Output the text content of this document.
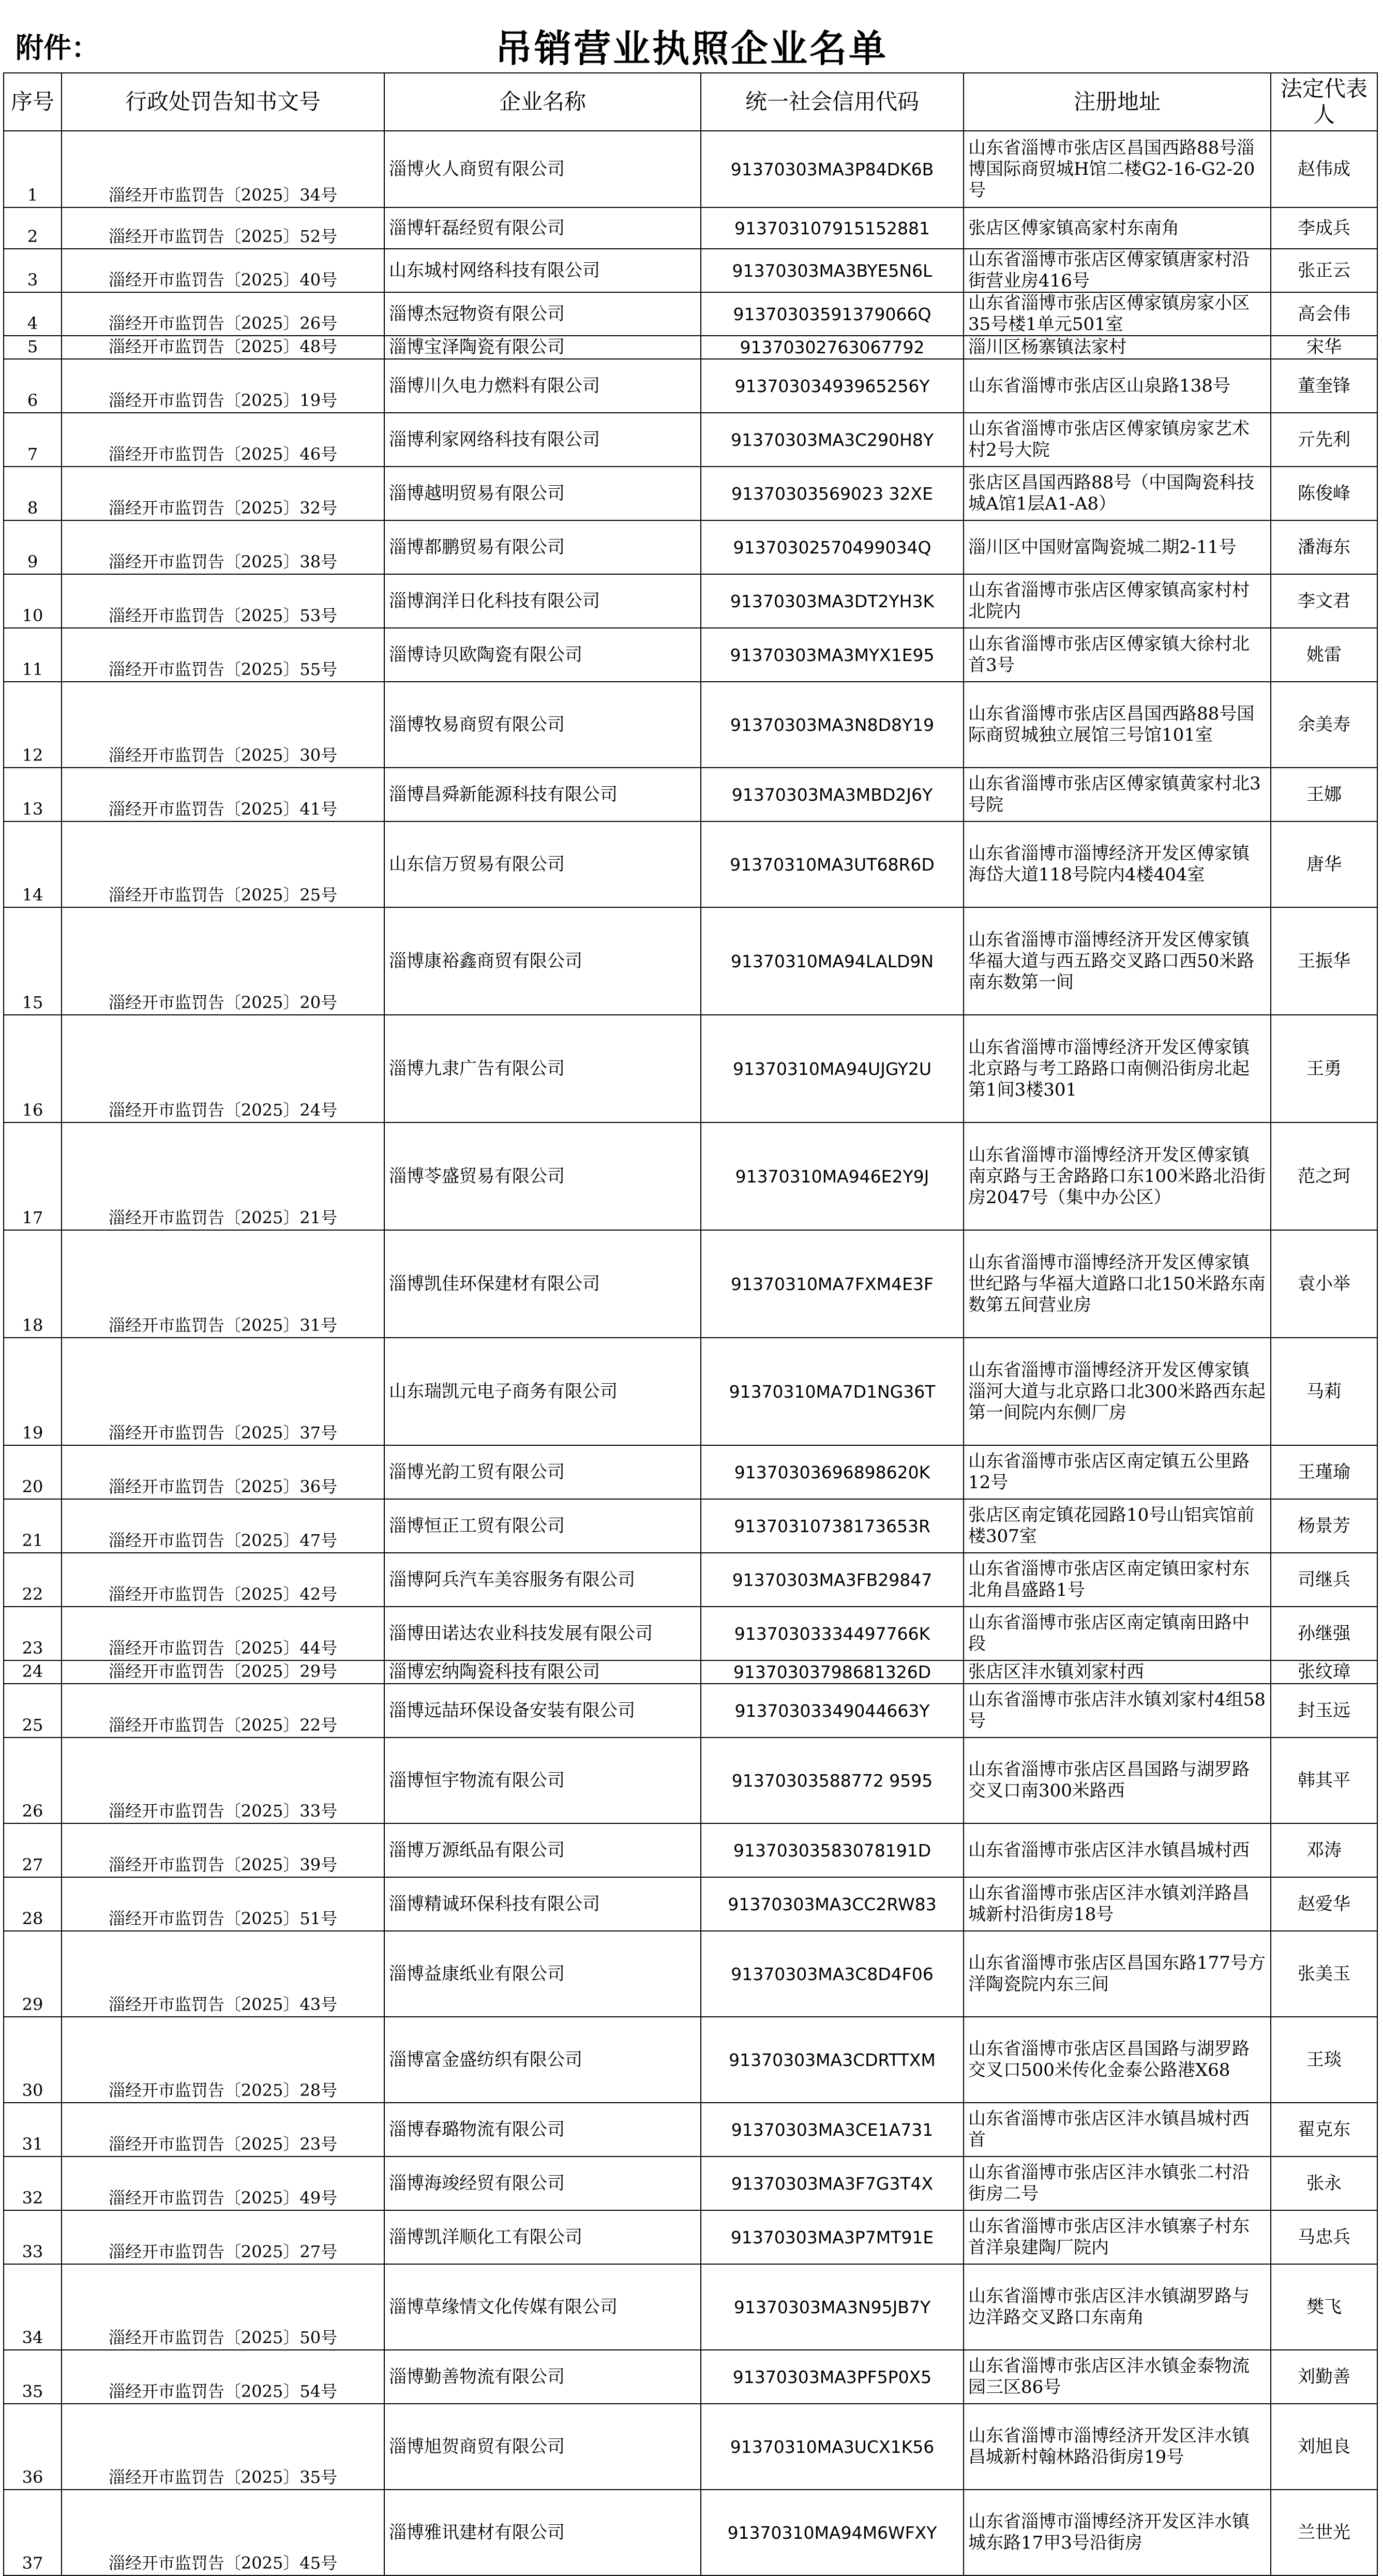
附件：	吊销营业执照企业名单
序号	行政处罚告知书文号	企业名称	统一社会信用代码	注册地址	法定代表人
1	淄经开市监罚告〔2025〕34号	淄博火人商贸有限公司	91370303MA3P84DK6B	山东省淄博市张店区昌国西路88号淄博国际商贸城H馆二楼G2-16-G2-20号	赵伟成
2	淄经开市监罚告〔2025〕52号	淄博轩磊经贸有限公司	913703107915152881	张店区傅家镇高家村东南角	李成兵
3	淄经开市监罚告〔2025〕40号	山东城村网络科技有限公司	91370303MA3BYE5N6L	山东省淄博市张店区傅家镇唐家村沿街营业房416号	张正云
4	淄经开市监罚告〔2025〕26号	淄博杰冠物资有限公司	91370303591379066Q	山东省淄博市张店区傅家镇房家小区35号楼1单元501室	高会伟
5	淄经开市监罚告〔2025〕48号	淄博宝泽陶瓷有限公司	91370302763067792	淄川区杨寨镇法家村	宋华
6	淄经开市监罚告〔2025〕19号	淄博川久电力燃料有限公司	91370303493965256Y	山东省淄博市张店区山泉路138号	董奎锋
7	淄经开市监罚告〔2025〕46号	淄博利家网络科技有限公司	91370303MA3C290H8Y	山东省淄博市张店区傅家镇房家艺术村2号大院	亓先利
8	淄经开市监罚告〔2025〕32号	淄博越明贸易有限公司	91370303569023 32XE	张店区昌国西路88号（中国陶瓷科技城A馆1层A1-A8）	陈俊峰
9	淄经开市监罚告〔2025〕38号	淄博都鹏贸易有限公司	91370302570499034Q	淄川区中国财富陶瓷城二期2-11号	潘海东
10	淄经开市监罚告〔2025〕53号	淄博润洋日化科技有限公司	91370303MA3DT2YH3K	山东省淄博市张店区傅家镇高家村村北院内	李文君
11	淄经开市监罚告〔2025〕55号	淄博诗贝欧陶瓷有限公司	91370303MA3MYX1E95	山东省淄博市张店区傅家镇大徐村北首3号	姚雷
12	淄经开市监罚告〔2025〕30号	淄博牧易商贸有限公司	91370303MA3N8D8Y19	山东省淄博市张店区昌国西路88号国际商贸城独立展馆三号馆101室	余美寿
13	淄经开市监罚告〔2025〕41号	淄博昌舜新能源科技有限公司	91370303MA3MBD2J6Y	山东省淄博市张店区傅家镇黄家村北3号院	王娜
14	淄经开市监罚告〔2025〕25号	山东信万贸易有限公司	91370310MA3UT68R6D	山东省淄博市淄博经济开发区傅家镇海岱大道118号院内4楼404室	唐华
15	淄经开市监罚告〔2025〕20号	淄博康裕鑫商贸有限公司	91370310MA94LALD9N	山东省淄博市淄博经济开发区傅家镇华福大道与西五路交叉路口西50米路南东数第一间	王振华
16	淄经开市监罚告〔2025〕24号	淄博九隶广告有限公司	91370310MA94UJGY2U	山东省淄博市淄博经济开发区傅家镇北京路与考工路路口南侧沿街房北起第1间3楼301	王勇
17	淄经开市监罚告〔2025〕21号	淄博苓盛贸易有限公司	91370310MA946E2Y9J	山东省淄博市淄博经济开发区傅家镇南京路与王舍路路口东100米路北沿街房2047号（集中办公区）	范之珂
18	淄经开市监罚告〔2025〕31号	淄博凯佳环保建材有限公司	91370310MA7FXM4E3F	山东省淄博市淄博经济开发区傅家镇世纪路与华福大道路口北150米路东南数第五间营业房	袁小举
19	淄经开市监罚告〔2025〕37号	山东瑞凯元电子商务有限公司	91370310MA7D1NG36T	山东省淄博市淄博经济开发区傅家镇淄河大道与北京路口北300米路西东起第一间院内东侧厂房	马莉
20	淄经开市监罚告〔2025〕36号	淄博光韵工贸有限公司	91370303696898620K	山东省淄博市张店区南定镇五公里路12号	王瑾瑜
21	淄经开市监罚告〔2025〕47号	淄博恒正工贸有限公司	91370310738173653R	张店区南定镇花园路10号山铝宾馆前楼307室	杨景芳
22	淄经开市监罚告〔2025〕42号	淄博阿兵汽车美容服务有限公司	91370303MA3FB29847	山东省淄博市张店区南定镇田家村东北角昌盛路1号	司继兵
23	淄经开市监罚告〔2025〕44号	淄博田诺达农业科技发展有限公司	91370303334497766K	山东省淄博市张店区南定镇南田路中段	孙继强
24	淄经开市监罚告〔2025〕29号	淄博宏纳陶瓷科技有限公司	91370303798681326D	张店区沣水镇刘家村西	张纹璋
25	淄经开市监罚告〔2025〕22号	淄博远喆环保设备安装有限公司	91370303349044663Y	山东省淄博市张店沣水镇刘家村4组58号	封玉远
26	淄经开市监罚告〔2025〕33号	淄博恒宇物流有限公司	91370303588772 9595	山东省淄博市张店区昌国路与湖罗路交叉口南300米路西	韩其平
27	淄经开市监罚告〔2025〕39号	淄博万源纸品有限公司	91370303583078191D	山东省淄博市张店区沣水镇昌城村西	邓涛
28	淄经开市监罚告〔2025〕51号	淄博精诚环保科技有限公司	91370303MA3CC2RW83	山东省淄博市张店区沣水镇刘洋路昌城新村沿街房18号	赵爱华
29	淄经开市监罚告〔2025〕43号	淄博益康纸业有限公司	91370303MA3C8D4F06	山东省淄博市张店区昌国东路177号方洋陶瓷院内东三间	张美玉
30	淄经开市监罚告〔2025〕28号	淄博富金盛纺织有限公司	91370303MA3CDRTTXM	山东省淄博市张店区昌国路与湖罗路交叉口500米传化金泰公路港X68	王琰
31	淄经开市监罚告〔2025〕23号	淄博春璐物流有限公司	91370303MA3CE1A731	山东省淄博市张店区沣水镇昌城村西首	翟克东
32	淄经开市监罚告〔2025〕49号	淄博海竣经贸有限公司	91370303MA3F7G3T4X	山东省淄博市张店区沣水镇张二村沿街房二号	张永
33	淄经开市监罚告〔2025〕27号	淄博凯洋顺化工有限公司	91370303MA3P7MT91E	山东省淄博市张店区沣水镇寨子村东首洋泉建陶厂院内	马忠兵
34	淄经开市监罚告〔2025〕50号	淄博草缘情文化传媒有限公司	91370303MA3N95JB7Y	山东省淄博市张店区沣水镇湖罗路与边洋路交叉路口东南角	樊飞
35	淄经开市监罚告〔2025〕54号	淄博勤善物流有限公司	91370303MA3PF5P0X5	山东省淄博市张店区沣水镇金泰物流园三区86号	刘勤善
36	淄经开市监罚告〔2025〕35号	淄博旭贺商贸有限公司	91370310MA3UCX1K56	山东省淄博市淄博经济开发区沣水镇昌城新村翰林路沿街房19号	刘旭良
37	淄经开市监罚告〔2025〕45号	淄博雅讯建材有限公司	91370310MA94M6WFXY	山东省淄博市淄博经济开发区沣水镇城东路17甲3号沿街房	兰世光
